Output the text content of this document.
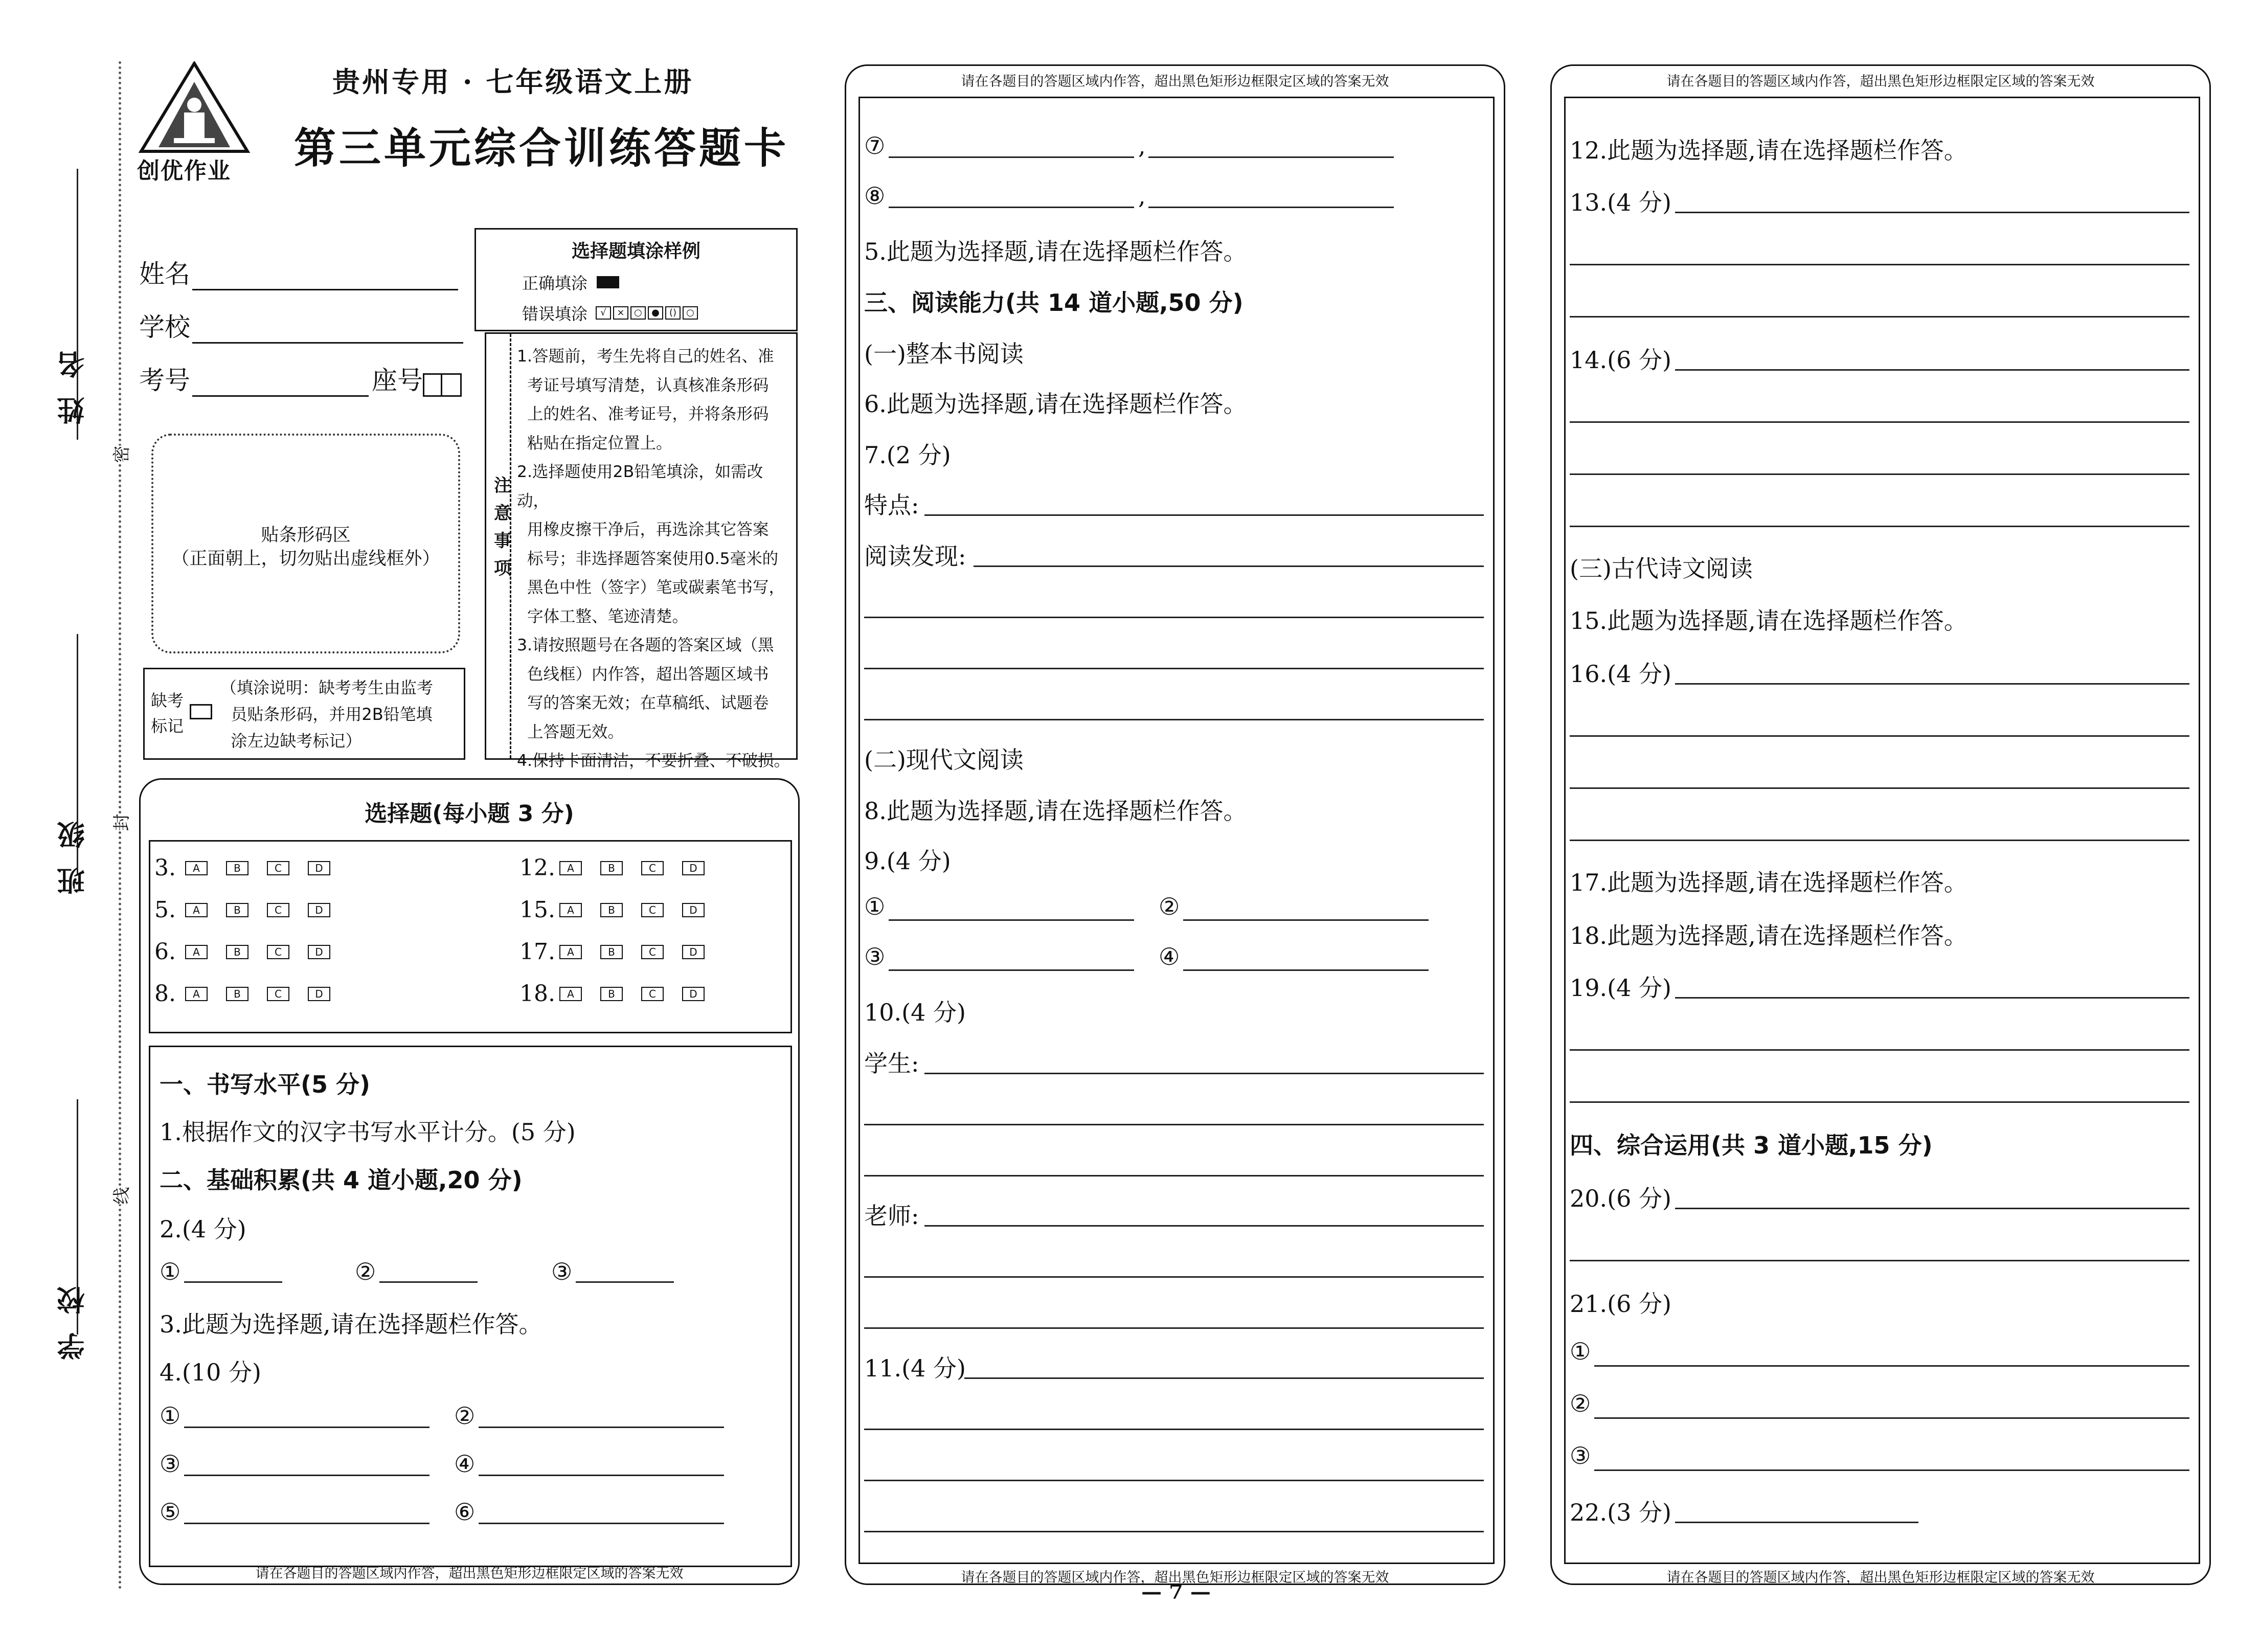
姓名
班级
学校
密
封
线
创优作业
贵州专用 · 七年级语文上册
第三单元综合训练答题卡
姓名
学校
考号	座号
选择题填涂样例
正确填涂
错误填涂	√	×	○	●	()	○
注
意
事
项
1.答题前，考生先将自己的姓名、准
考证号填写清楚，认真核准条形码
上的姓名、准考证号，并将条形码
粘贴在指定位置上。
2.选择题使用2B铅笔填涂，如需改动，
用橡皮擦干净后，再选涂其它答案
标号；非选择题答案使用0.5毫米的
黑色中性（签字）笔或碳素笔书写，
字体工整、笔迹清楚。
3.请按照题号在各题的答案区域（黑
色线框）内作答，超出答题区域书
写的答案无效；在草稿纸、试题卷
上答题无效。
4.保持卡面清洁，不要折叠、不破损。
贴条形码区
（正面朝上，切勿贴出虚线框外）
缺考
标记
（填涂说明：缺考考生由监考
员贴条形码，并用2B铅笔填
涂左边缺考标记）
选择题(每小题 3 分)
请在各题目的答题区域内作答，超出黑色矩形边框限定区域的答案无效
3.	A	B	C	D
5.	A	B	C	D
6.	A	B	C	D
8.	A	B	C	D
12.	A	B	C	D
15.	A	B	C	D
17.	A	B	C	D
18.	A	B	C	D
一、书写水平(5 分)
1.根据作文的汉字书写水平计分。(5 分)
二、基础积累(共 4 道小题,20 分)
2.(4 分)
①	②	③
3.此题为选择题,请在选择题栏作答。
4.(10 分)
①	②
③	④
⑤	⑥
请在各题目的答题区域内作答，超出黑色矩形边框限定区域的答案无效
请在各题目的答题区域内作答，超出黑色矩形边框限定区域的答案无效
⑦	,
⑧	,
5.此题为选择题,请在选择题栏作答。
三、阅读能力(共 14 道小题,50 分)
(一)整本书阅读
6.此题为选择题,请在选择题栏作答。
7.(2 分)
特点:
阅读发现:
(二)现代文阅读
8.此题为选择题,请在选择题栏作答。
9.(4 分)
①	②
③	④
10.(4 分)
学生:
老师:
11.(4 分)
请在各题目的答题区域内作答，超出黑色矩形边框限定区域的答案无效
请在各题目的答题区域内作答，超出黑色矩形边框限定区域的答案无效
12.此题为选择题,请在选择题栏作答。
13.(4 分)
14.(6 分)
(三)古代诗文阅读
15.此题为选择题,请在选择题栏作答。
16.(4 分)
17.此题为选择题,请在选择题栏作答。
18.此题为选择题,请在选择题栏作答。
19.(4 分)
四、综合运用(共 3 道小题,15 分)
20.(6 分)
21.(6 分)
①
②
③
22.(3 分)
— 7 —
